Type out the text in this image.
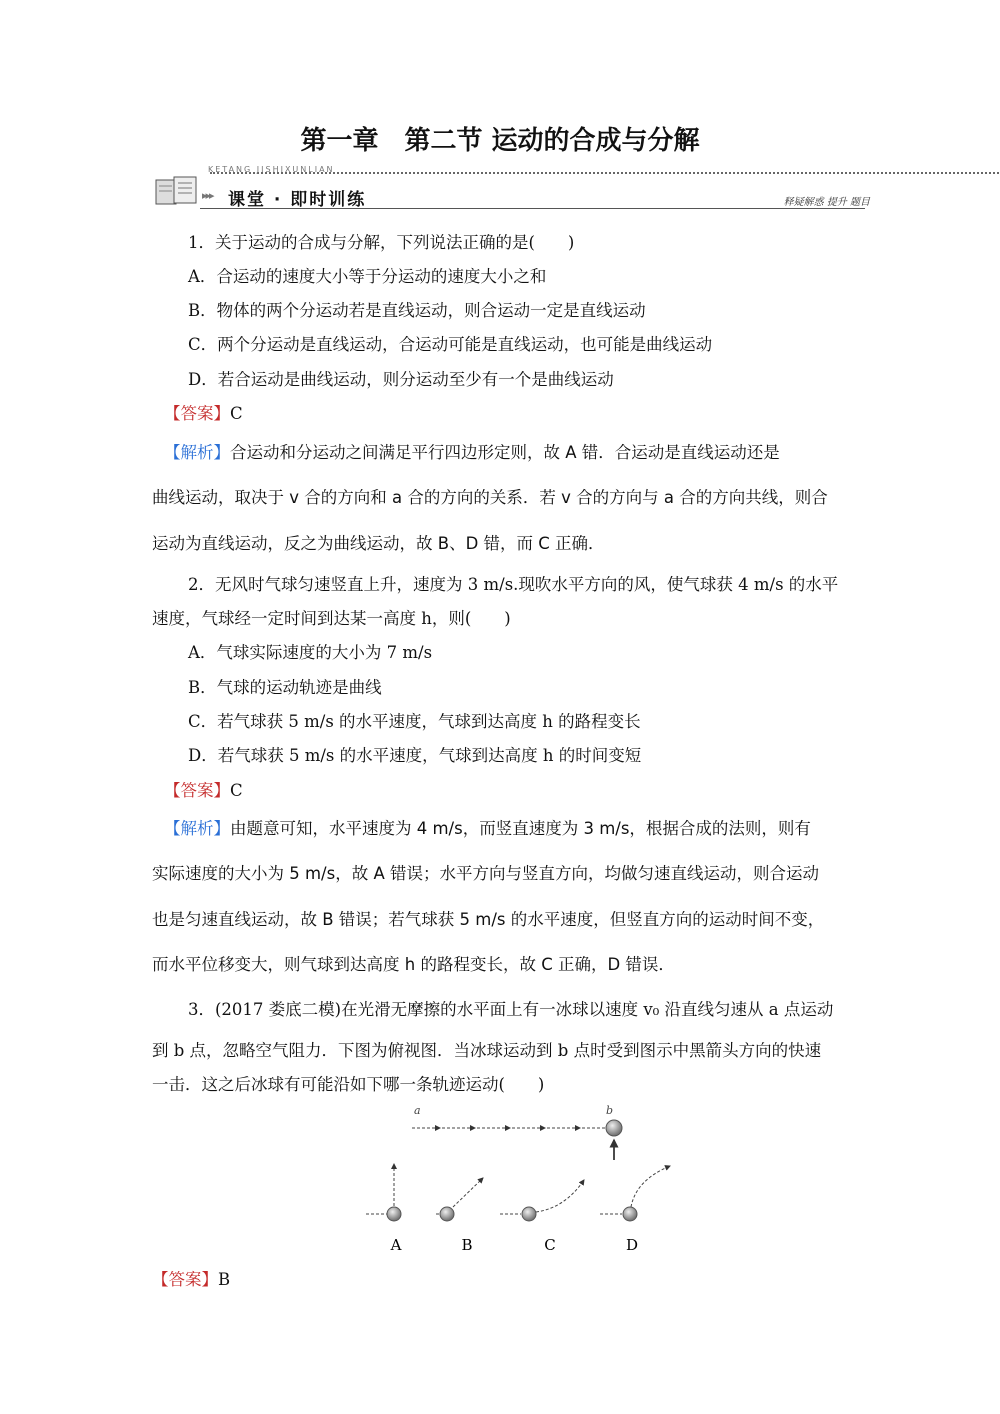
第一章　第二节 运动的合成与分解
KETANG JISHIXUNLIAN
▸▸▸ 课堂 · 即时训练	释疑解惑 提升 题目
1．关于运动的合成与分解，下列说法正确的是(　　)
A．合运动的速度大小等于分运动的速度大小之和
B．物体的两个分运动若是直线运动，则合运动一定是直线运动
C．两个分运动是直线运动，合运动可能是直线运动，也可能是曲线运动
D．若合运动是曲线运动，则分运动至少有一个是曲线运动
【答案】C
【解析】合运动和分运动之间满足平行四边形定则，故 A 错．合运动是直线运动还是
曲线运动，取决于 v 合的方向和 a 合的方向的关系．若 v 合的方向与 a 合的方向共线，则合
运动为直线运动，反之为曲线运动，故 B、D 错，而 C 正确．
2．无风时气球匀速竖直上升，速度为 3 m/s.现吹水平方向的风，使气球获 4 m/s 的水平
速度，气球经一定时间到达某一高度 h，则(　　)
A．气球实际速度的大小为 7 m/s
B．气球的运动轨迹是曲线
C．若气球获 5 m/s 的水平速度，气球到达高度 h 的路程变长
D．若气球获 5 m/s 的水平速度，气球到达高度 h 的时间变短
【答案】C
【解析】由题意可知，水平速度为 4 m/s，而竖直速度为 3 m/s，根据合成的法则，则有
实际速度的大小为 5 m/s，故 A 错误；水平方向与竖直方向，均做匀速直线运动，则合运动
也是匀速直线运动，故 B 错误；若气球获 5 m/s 的水平速度，但竖直方向的运动时间不变，
而水平位移变大，则气球到达高度 h 的路程变长，故 C 正确，D 错误．
3．(2017 娄底二模)在光滑无摩擦的水平面上有一冰球以速度 v₀ 沿直线匀速从 a 点运动
到 b 点，忽略空气阻力．下图为俯视图．当冰球运动到 b 点时受到图示中黑箭头方向的快速
一击．这之后冰球有可能沿如下哪一条轨迹运动(　　)
a	b
A	B	C	D
【答案】B
